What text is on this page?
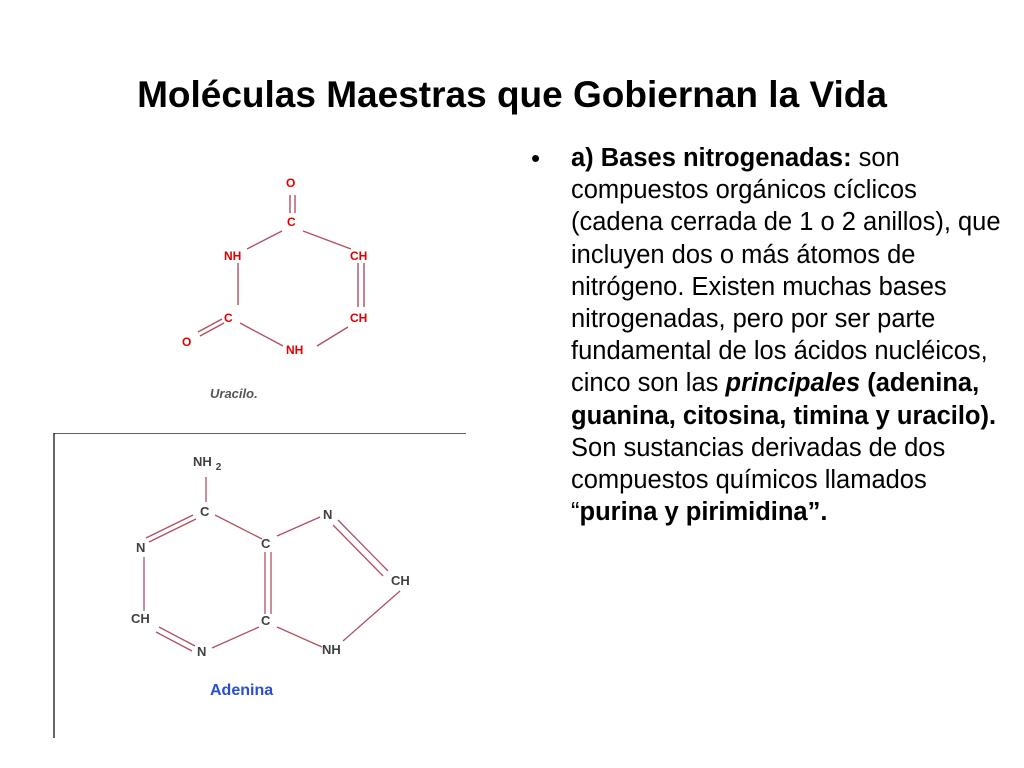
Moléculas Maestras que Gobiernan la Vida
• a) Bases nitrogenadas: son compuestos orgánicos cíclicos (cadena cerrada de 1 o 2 anillos), que incluyen dos o más átomos de nitrógeno. Existen muchas bases nitrogenadas, pero por ser parte fundamental de los ácidos nucléicos, cinco son las principales (adenina, guanina, citosina, timina y uracilo). Son sustancias derivadas de dos compuestos químicos llamados “purina y pirimidina”.
O
C
NH	CH
CH
C
O
NH
Uracilo.
NH $_2$
C	N
N	C
CH
CH	C
N	NH
Adenina
